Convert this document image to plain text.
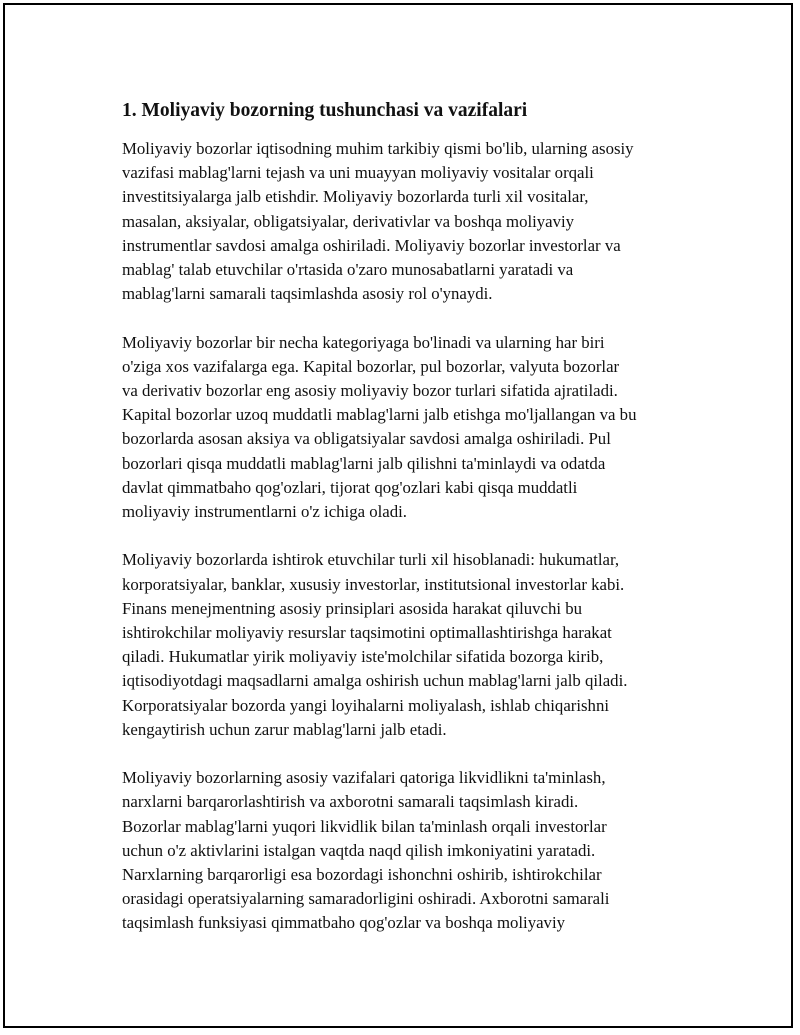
1. Moliyaviy bozorning tushunchasi va vazifalari
Moliyaviy bozorlar iqtisodning muhim tarkibiy qismi bo'lib, ularning asosiy
vazifasi mablag'larni tejash va uni muayyan moliyaviy vositalar orqali
investitsiyalarga jalb etishdir. Moliyaviy bozorlarda turli xil vositalar,
masalan, aksiyalar, obligatsiyalar, derivativlar va boshqa moliyaviy
instrumentlar savdosi amalga oshiriladi. Moliyaviy bozorlar investorlar va
mablag' talab etuvchilar o'rtasida o'zaro munosabatlarni yaratadi va
mablag'larni samarali taqsimlashda asosiy rol o'ynaydi.
Moliyaviy bozorlar bir necha kategoriyaga bo'linadi va ularning har biri
o'ziga xos vazifalarga ega. Kapital bozorlar, pul bozorlar, valyuta bozorlar
va derivativ bozorlar eng asosiy moliyaviy bozor turlari sifatida ajratiladi.
Kapital bozorlar uzoq muddatli mablag'larni jalb etishga mo'ljallangan va bu
bozorlarda asosan aksiya va obligatsiyalar savdosi amalga oshiriladi. Pul
bozorlari qisqa muddatli mablag'larni jalb qilishni ta'minlaydi va odatda
davlat qimmatbaho qog'ozlari, tijorat qog'ozlari kabi qisqa muddatli
moliyaviy instrumentlarni o'z ichiga oladi.
Moliyaviy bozorlarda ishtirok etuvchilar turli xil hisoblanadi: hukumatlar,
korporatsiyalar, banklar, xususiy investorlar, institutsional investorlar kabi.
Finans menejmentning asosiy prinsiplari asosida harakat qiluvchi bu
ishtirokchilar moliyaviy resurslar taqsimotini optimallashtirishga harakat
qiladi. Hukumatlar yirik moliyaviy iste'molchilar sifatida bozorga kirib,
iqtisodiyotdagi maqsadlarni amalga oshirish uchun mablag'larni jalb qiladi.
Korporatsiyalar bozorda yangi loyihalarni moliyalash, ishlab chiqarishni
kengaytirish uchun zarur mablag'larni jalb etadi.
Moliyaviy bozorlarning asosiy vazifalari qatoriga likvidlikni ta'minlash,
narxlarni barqarorlashtirish va axborotni samarali taqsimlash kiradi.
Bozorlar mablag'larni yuqori likvidlik bilan ta'minlash orqali investorlar
uchun o'z aktivlarini istalgan vaqtda naqd qilish imkoniyatini yaratadi.
Narxlarning barqarorligi esa bozordagi ishonchni oshirib, ishtirokchilar
orasidagi operatsiyalarning samaradorligini oshiradi. Axborotni samarali
taqsimlash funksiyasi qimmatbaho qog'ozlar va boshqa moliyaviy
